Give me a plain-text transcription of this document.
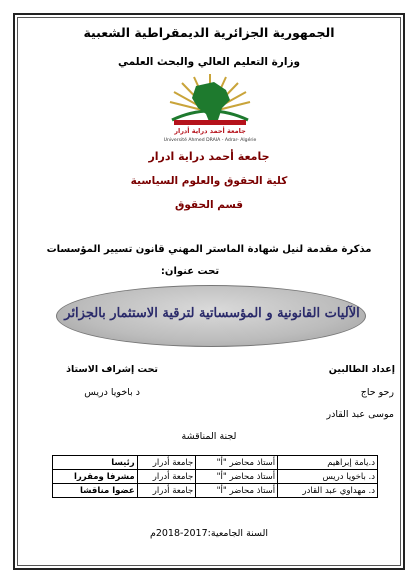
الجمهورية الجزائرية الديمقراطية الشعبية
وزارة التعليم العالي والبحث العلمي
جامعة أحمد دراية أدرار
Université Ahmed DRAIA - Adrar- Algérie
جامعة أحمد دراية ادرار
كلية الحقوق والعلوم السياسية
قسم الحقوق
مذكرة مقدمة لنيل شهادة الماستر المهني قانون تسيير المؤسسات
تحت عنوان:
الآليات القانونية و المؤسساتية لترقية الاستثمار بالجزائر
إعداد الطالبين
تحت إشراف الاستاذ
د باخويا دريس	رحو حاج
موسى عبد القادر
لجنة المناقشة
د.يامة إبراهيم	أستاذ محاضر "أ"	جامعة أدرار	رئيسا
د. باخويا دريس	أستاذ محاضر "أ"	جامعة أدرار	مشرفا ومقررا
د. مهداوي عبد القادر	أستاذ محاضر "أ"	جامعة أدرار	عضوا مناقشا
السنة الجامعية:2017-2018م
